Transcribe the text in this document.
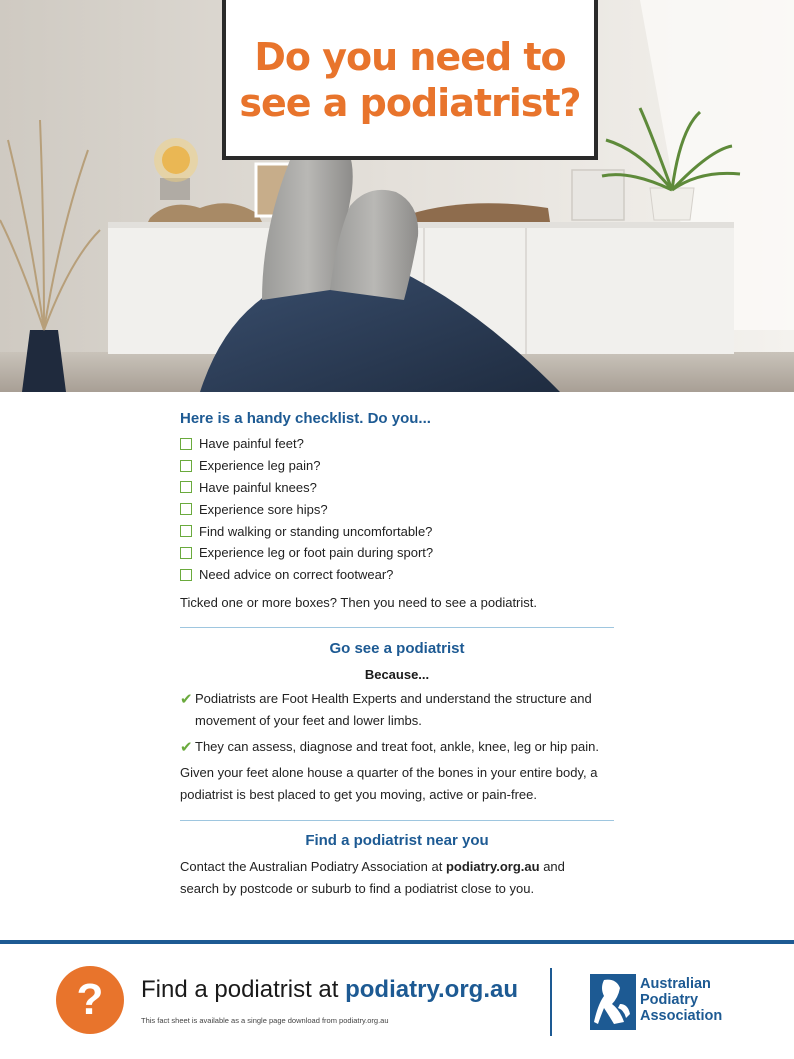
Do you need to
see a podiatrist?
Here is a handy checklist. Do you...
Have painful feet?
Experience leg pain?
Have painful knees?
Experience sore hips?
Find walking or standing uncomfortable?
Experience leg or foot pain during sport?
Need advice on correct footwear?
Ticked one or more boxes? Then you need to see a podiatrist.
Go see a podiatrist
Because...
✔ Podiatrists are Foot Health Experts and understand the structure and
movement of your feet and lower limbs.
✔ They can assess, diagnose and treat foot, ankle, knee, leg or hip pain.
Given your feet alone house a quarter of the bones in your entire body, a
podiatrist is best placed to get you moving, active or pain-free.
Find a podiatrist near you
Contact the Australian Podiatry Association at podiatry.org.au and
search by postcode or suburb to find a podiatrist close to you.
?	Find a podiatrist at podiatry.org.au
This fact sheet is available as a single page download from podiatry.org.au
Australian
Podiatry
Association
